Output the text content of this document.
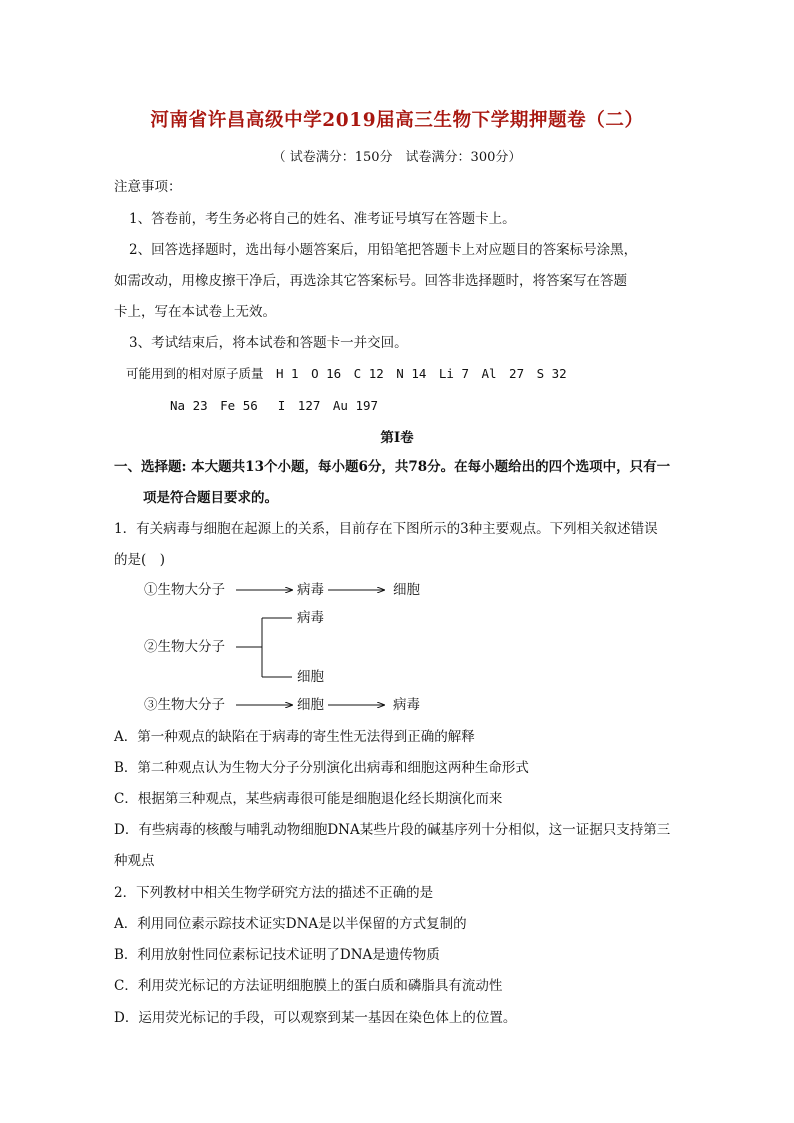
河南省许昌高级中学2019届高三生物下学期押题卷（二）
（ 试卷满分：150分　试卷满分：300分）
注意事项：
1、答卷前，考生务必将自己的姓名、准考证号填写在答题卡上。
2、回答选择题时，选出每小题答案后，用铅笔把答题卡上对应题目的答案标号涂黑，
如需改动，用橡皮擦干净后，再选涂其它答案标号。回答非选择题时，将答案写在答题
卡上，写在本试卷上无效。
3、考试结束后，将本试卷和答题卡一并交回。
可能用到的相对原子质量　H 1　O 16　C 12　N 14　Li 7　Al　27　S 32
Na 23　Fe 56　 I　127　Au 197
第I卷
一、选择题: 本大题共13个小题，每小题6分，共78分。在每小题给出的四个选项中，只有一
项是符合题目要求的。
1．有关病毒与细胞在起源上的关系，目前存在下图所示的3种主要观点。下列相关叙述错误
的是(　)
①生物大分子	病毒	细胞
②生物大分子
病毒
细胞
③生物大分子	细胞	病毒
A．第一种观点的缺陷在于病毒的寄生性无法得到正确的解释
B．第二种观点认为生物大分子分别演化出病毒和细胞这两种生命形式
C．根据第三种观点，某些病毒很可能是细胞退化经长期演化而来
D．有些病毒的核酸与哺乳动物细胞DNA某些片段的碱基序列十分相似，这一证据只支持第三
种观点
2．下列教材中相关生物学研究方法的描述不正确的是
A．利用同位素示踪技术证实DNA是以半保留的方式复制的
B．利用放射性同位素标记技术证明了DNA是遗传物质
C．利用荧光标记的方法证明细胞膜上的蛋白质和磷脂具有流动性
D．运用荧光标记的手段，可以观察到某一基因在染色体上的位置。
